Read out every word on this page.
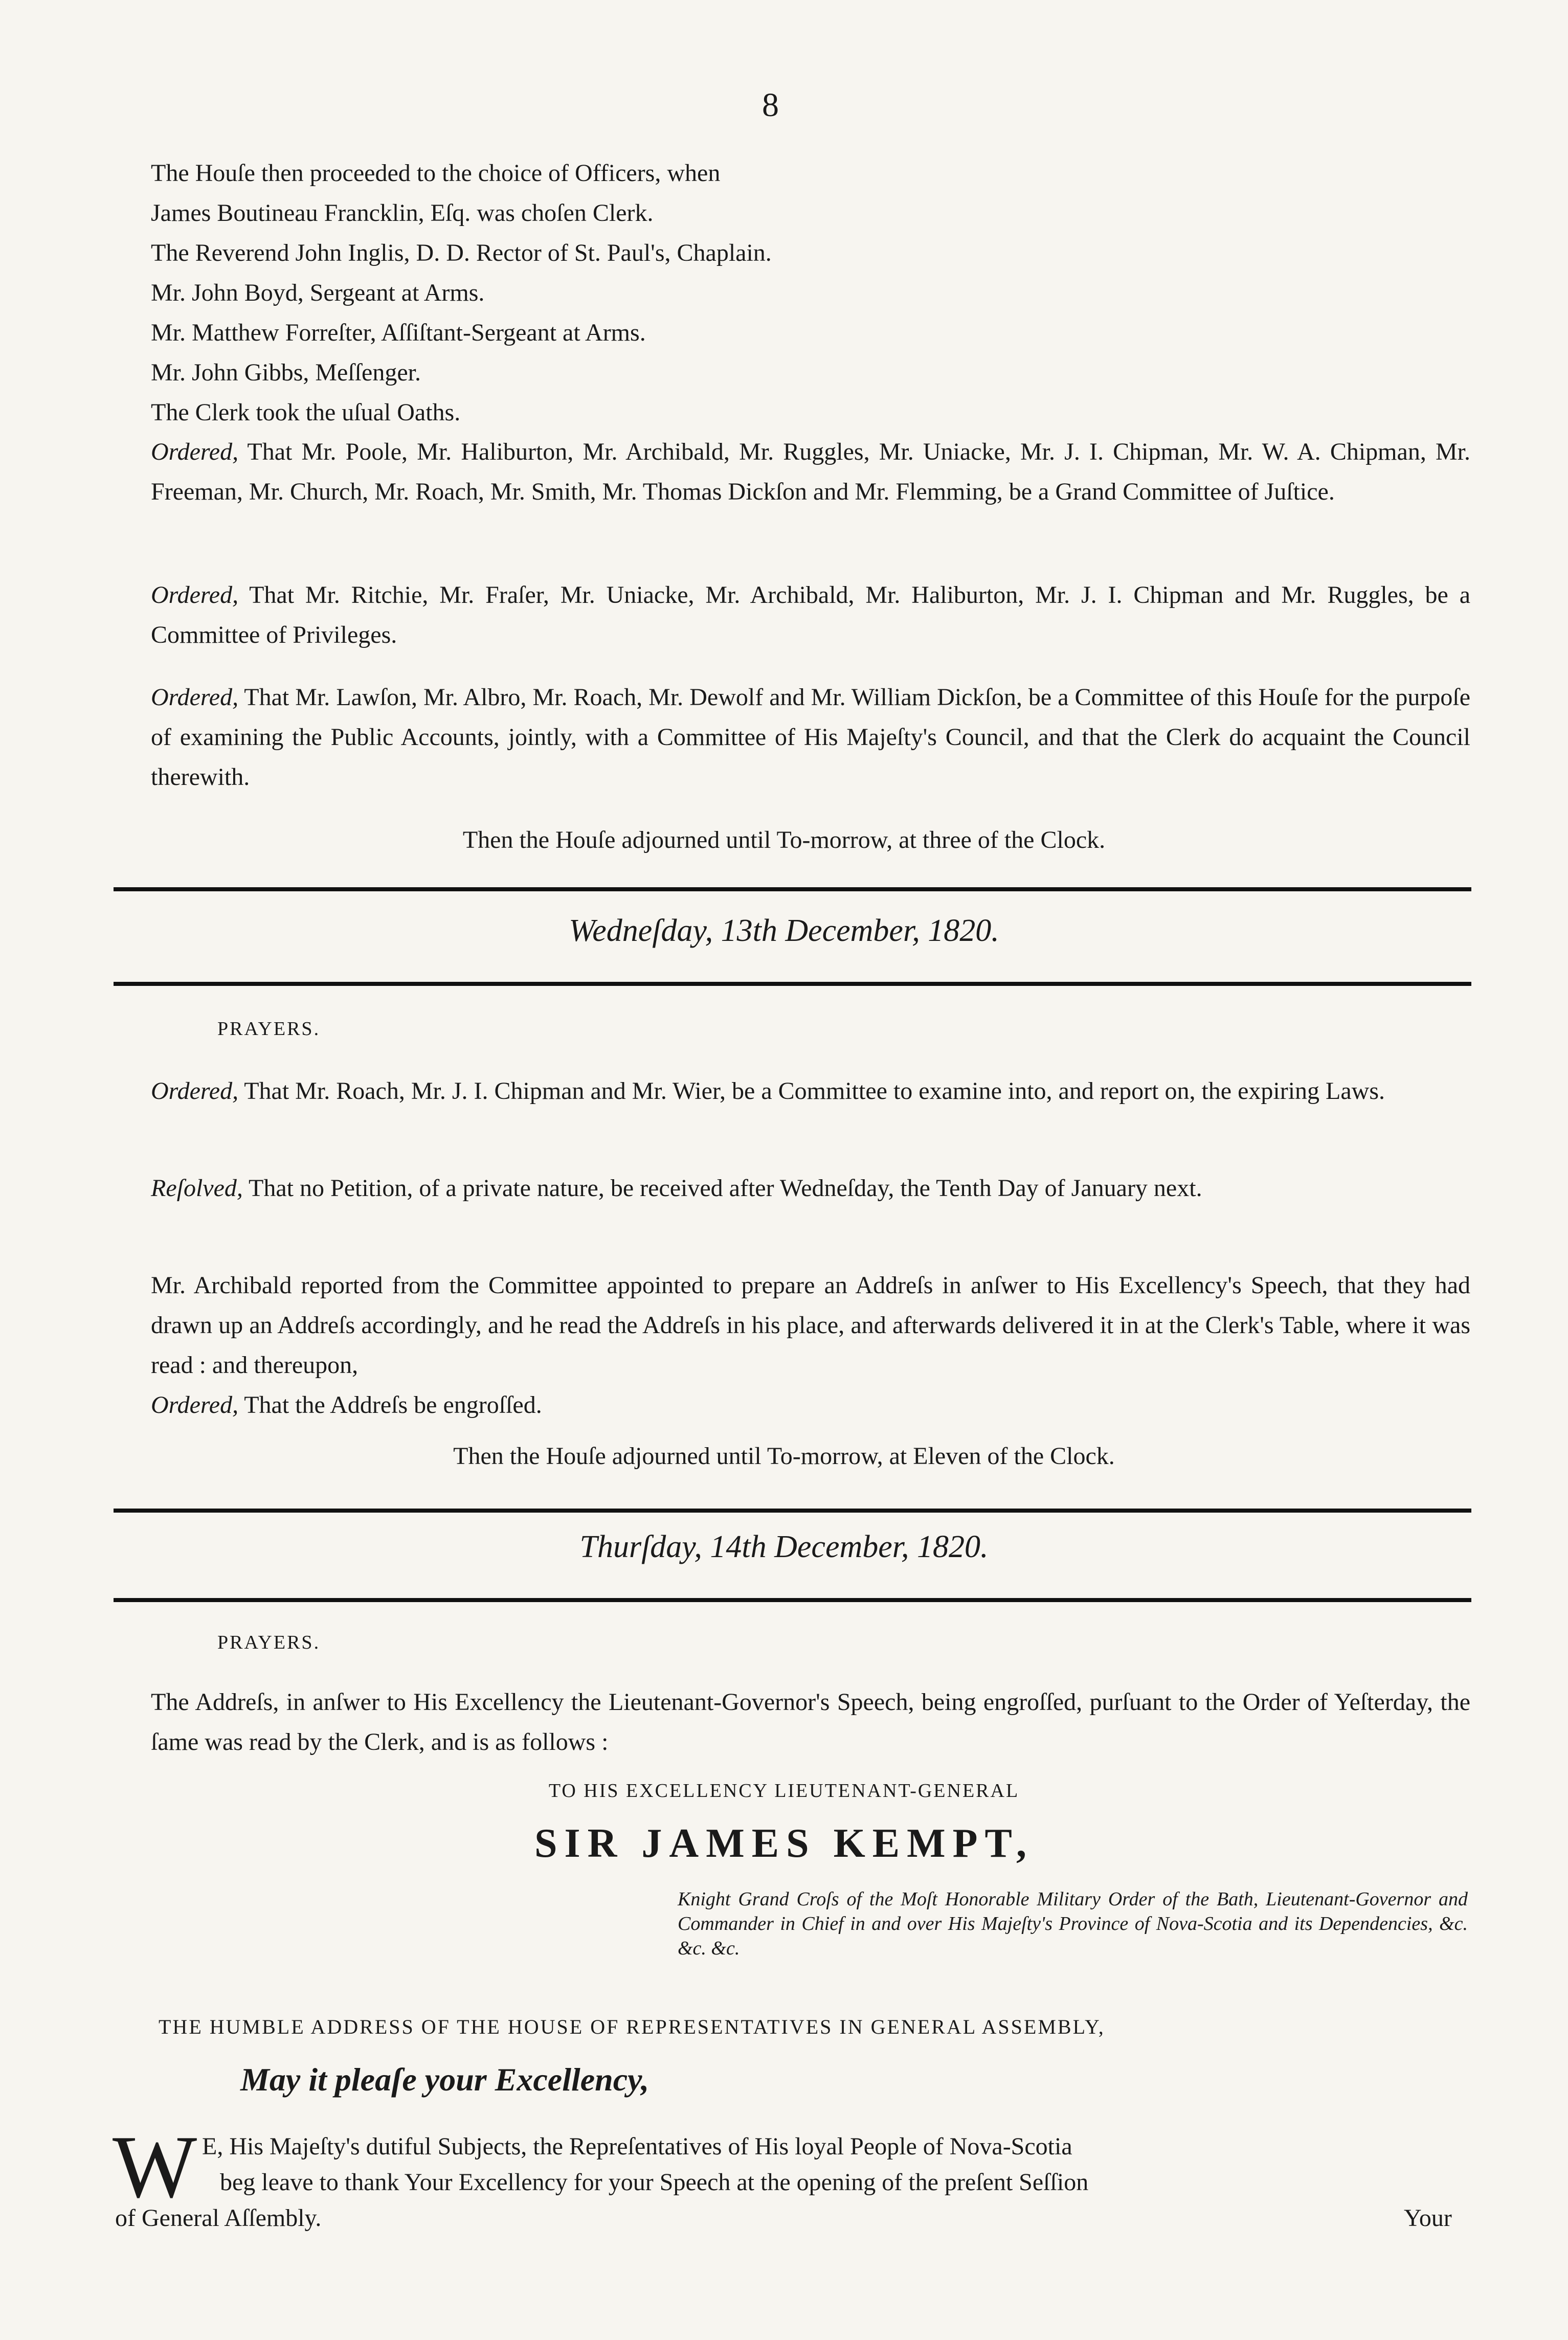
8

The Houſe then proceeded to the choice of Officers, when

James Boutineau Francklin, Eſq. was choſen Clerk.

The Reverend John Inglis, D. D. Rector of St. Paul's, Chaplain.

Mr. John Boyd, Sergeant at Arms.

Mr. Matthew Forreſter, Aſſiſtant-Sergeant at Arms.

Mr. John Gibbs, Meſſenger.

The Clerk took the uſual Oaths.

Ordered, That Mr. Poole, Mr. Haliburton, Mr. Archibald, Mr. Ruggles, Mr. Uniacke, Mr. J. I. Chipman, Mr. W. A. Chipman, Mr. Freeman, Mr. Church, Mr. Roach, Mr. Smith, Mr. Thomas Dickſon and Mr. Flemming, be a Grand Committee of Juſtice.

Ordered, That Mr. Ritchie, Mr. Fraſer, Mr. Uniacke, Mr. Archibald, Mr. Haliburton, Mr. J. I. Chipman and Mr. Ruggles, be a Committee of Privileges.

Ordered, That Mr. Lawſon, Mr. Albro, Mr. Roach, Mr. Dewolf and Mr. William Dickſon, be a Committee of this Houſe for the purpoſe of examining the Public Accounts, jointly, with a Committee of His Majeſty's Council, and that the Clerk do acquaint the Council therewith.

Then the Houſe adjourned until To-morrow, at three of the Clock.
Wedneſday, 13th December, 1820.
PRAYERS.

Ordered, That Mr. Roach, Mr. J. I. Chipman and Mr. Wier, be a Committee to examine into, and report on, the expiring Laws.

Reſolved, That no Petition, of a private nature, be received after Wedneſday, the Tenth Day of January next.

Mr. Archibald reported from the Committee appointed to prepare an Addreſs in anſwer to His Excellency's Speech, that they had drawn up an Addreſs accordingly, and he read the Addreſs in his place, and afterwards delivered it in at the Clerk's Table, where it was read : and thereupon,

Ordered, That the Addreſs be engroſſed.

Then the Houſe adjourned until To-morrow, at Eleven of the Clock.
Thurſday, 14th December, 1820.
PRAYERS.

The Addreſs, in anſwer to His Excellency the Lieutenant-Governor's Speech, being engroſſed, purſuant to the Order of Yeſterday, the ſame was read by the Clerk, and is as follows :

TO HIS EXCELLENCY LIEUTENANT-GENERAL
SIR JAMES KEMPT,
Knight Grand Croſs of the Moſt Honorable Military Order of the Bath, Lieutenant-Governor and Commander in Chief in and over His Majeſty's Province of Nova-Scotia and its Dependencies, &c. &c. &c.
THE HUMBLE ADDRESS OF THE HOUSE OF REPRESENTATIVES IN GENERAL ASSEMBLY,
May it pleaſe your Excellency,
W E, His Majeſty's dutiful Subjects, the Repreſentatives of His loyal People of Nova-Scotia
beg leave to thank Your Excellency for your Speech at the opening of the preſent Seſſion
of General Aſſembly.	Your
